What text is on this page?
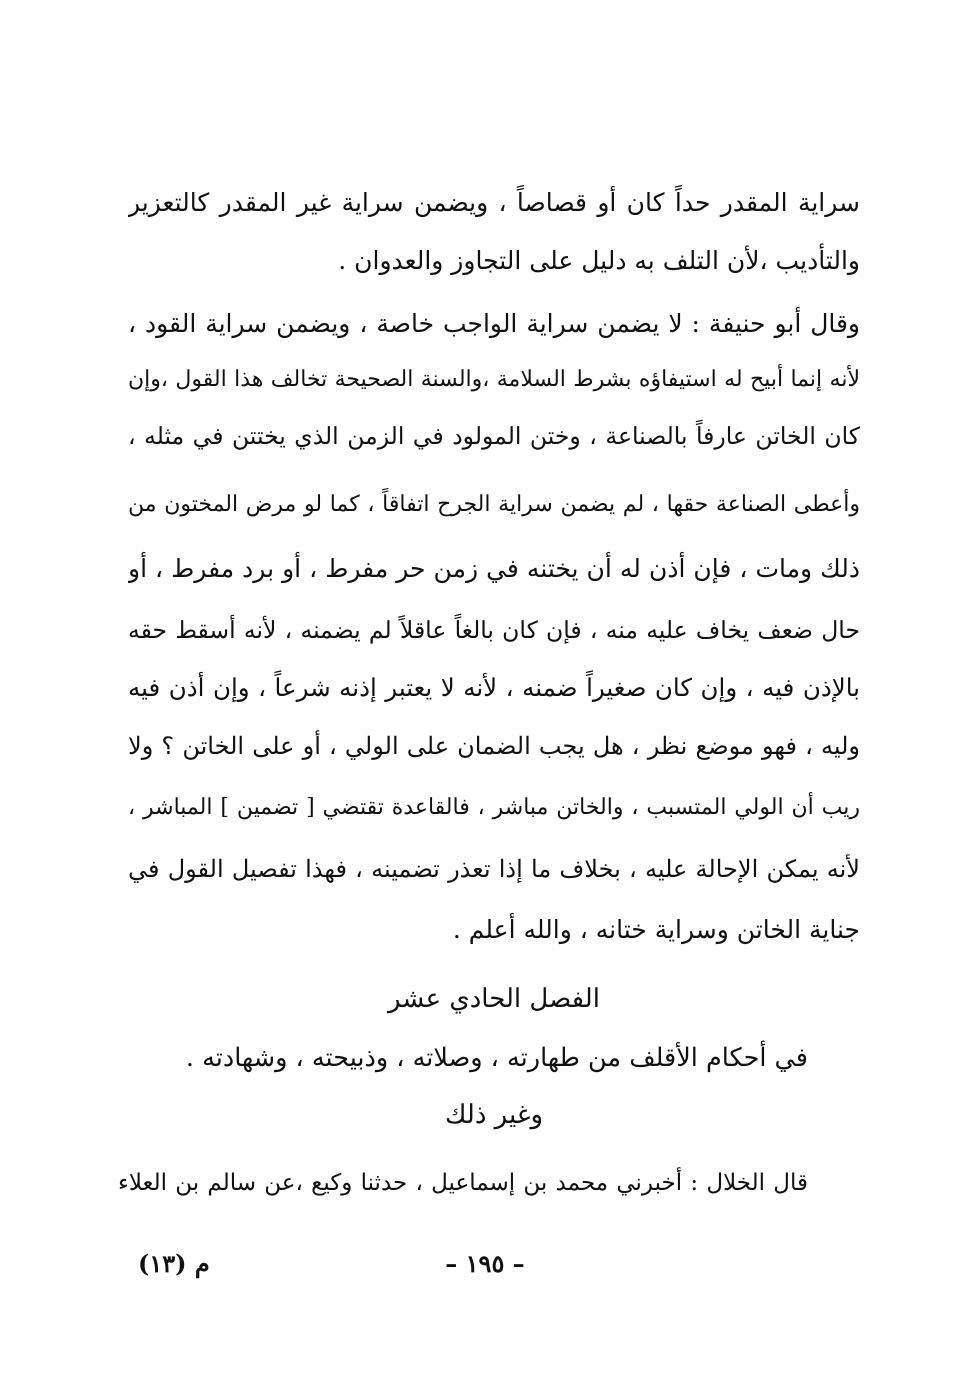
سراية المقدر حداً كان أو قصاصاً ، ويضمن سراية غير المقدر كالتعزير
والتأديب ،لأن التلف به دليل على التجاوز والعدوان .
وقال أبو حنيفة : لا يضمن سراية الواجب خاصة ، ويضمن سراية القود ،
لأنه إنما أبيح له استيفاؤه بشرط السلامة ،والسنة الصحيحة تخالف هذا القول ،وإن
كان الخاتن عارفاً بالصناعة ، وختن المولود في الزمن الذي يختتن في مثله ،
وأعطى الصناعة حقها ، لم يضمن سراية الجرح اتفاقاً ، كما لو مرض المختون من
ذلك ومات ، فإن أذن له أن يختنه في زمن حر مفرط ، أو برد مفرط ، أو
حال ضعف يخاف عليه منه ، فإن كان بالغاً عاقلاً لم يضمنه ، لأنه أسقط حقه
بالإذن فيه ، وإن كان صغيراً ضمنه ، لأنه لا يعتبر إذنه شرعاً ، وإن أذن فيه
وليه ، فهو موضع نظر ، هل يجب الضمان على الولي ، أو على الخاتن ؟ ولا
ريب أن الولي المتسبب ، والخاتن مباشر ، فالقاعدة تقتضي [ تضمين ] المباشر ،
لأنه يمكن الإحالة عليه ، بخلاف ما إذا تعذر تضمينه ، فهذا تفصيل القول في
جناية الخاتن وسراية ختانه ، والله أعلم .
الفصل الحادي عشر
في أحكام الأقلف من طهارته ، وصلاته ، وذبيحته ، وشهادته .
وغير ذلك
قال الخلال : أخبرني محمد بن إسماعيل ، حدثنا وكيع ،عن سالم بن العلاء
– ١٩٥ –
م (١٣)
